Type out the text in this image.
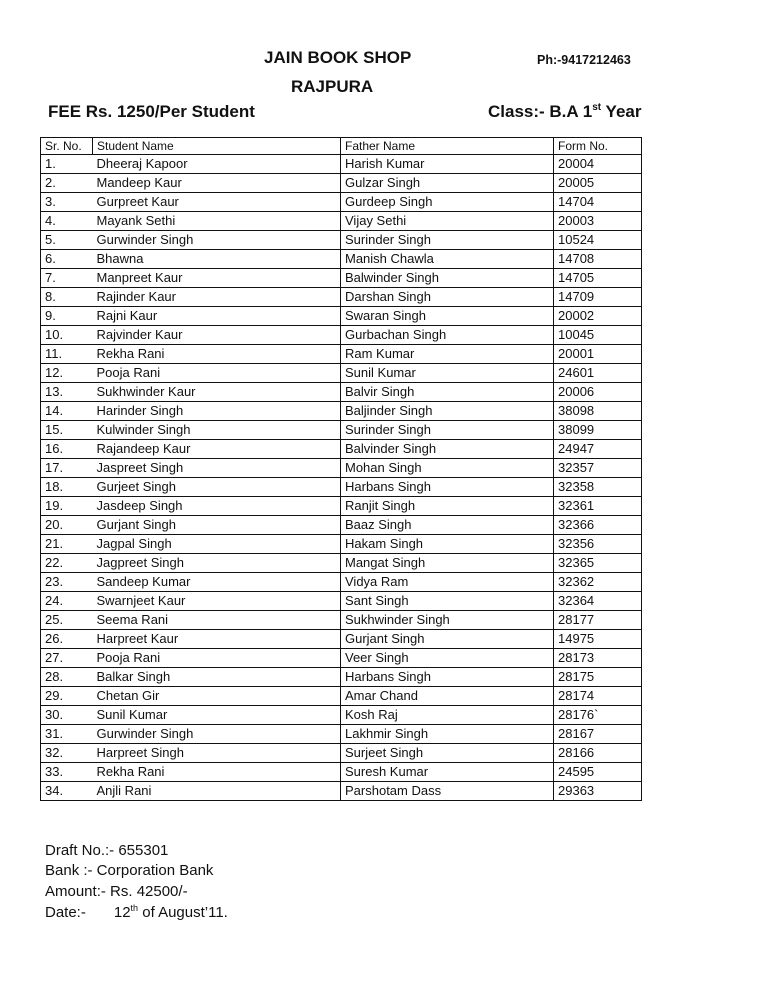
JAIN BOOK SHOP
RAJPURA
Ph:-9417212463
FEE Rs. 1250/Per Student	Class:- B.A 1st Year
Sr. No.	Student Name	Father Name	Form No.
1.	Dheeraj Kapoor	Harish Kumar	20004
2.	Mandeep Kaur	Gulzar Singh	20005
3.	Gurpreet Kaur	Gurdeep Singh	14704
4.	Mayank Sethi	Vijay Sethi	20003
5.	Gurwinder Singh	Surinder Singh	10524
6.	Bhawna	Manish Chawla	14708
7.	Manpreet Kaur	Balwinder Singh	14705
8.	Rajinder Kaur	Darshan Singh	14709
9.	Rajni Kaur	Swaran Singh	20002
10.	Rajvinder Kaur	Gurbachan Singh	10045
11.	Rekha Rani	Ram Kumar	20001
12.	Pooja Rani	Sunil Kumar	24601
13.	Sukhwinder Kaur	Balvir Singh	20006
14.	Harinder Singh	Baljinder Singh	38098
15.	Kulwinder Singh	Surinder Singh	38099
16.	Rajandeep Kaur	Balvinder Singh	24947
17.	Jaspreet Singh	Mohan Singh	32357
18.	Gurjeet Singh	Harbans Singh	32358
19.	Jasdeep Singh	Ranjit Singh	32361
20.	Gurjant Singh	Baaz Singh	32366
21.	Jagpal Singh	Hakam Singh	32356
22.	Jagpreet Singh	Mangat Singh	32365
23.	Sandeep Kumar	Vidya Ram	32362
24.	Swarnjeet Kaur	Sant Singh	32364
25.	Seema Rani	Sukhwinder Singh	28177
26.	Harpreet Kaur	Gurjant Singh	14975
27.	Pooja Rani	Veer Singh	28173
28.	Balkar Singh	Harbans Singh	28175
29.	Chetan Gir	Amar Chand	28174
30.	Sunil Kumar	Kosh Raj	28176`
31.	Gurwinder Singh	Lakhmir Singh	28167
32.	Harpreet Singh	Surjeet Singh	28166
33.	Rekha Rani	Suresh Kumar	24595
34.	Anjli Rani	Parshotam Dass	29363
Draft No.:- 655301
Bank :- Corporation Bank
Amount:- Rs. 42500/-
Date:- 12th of August’11.
